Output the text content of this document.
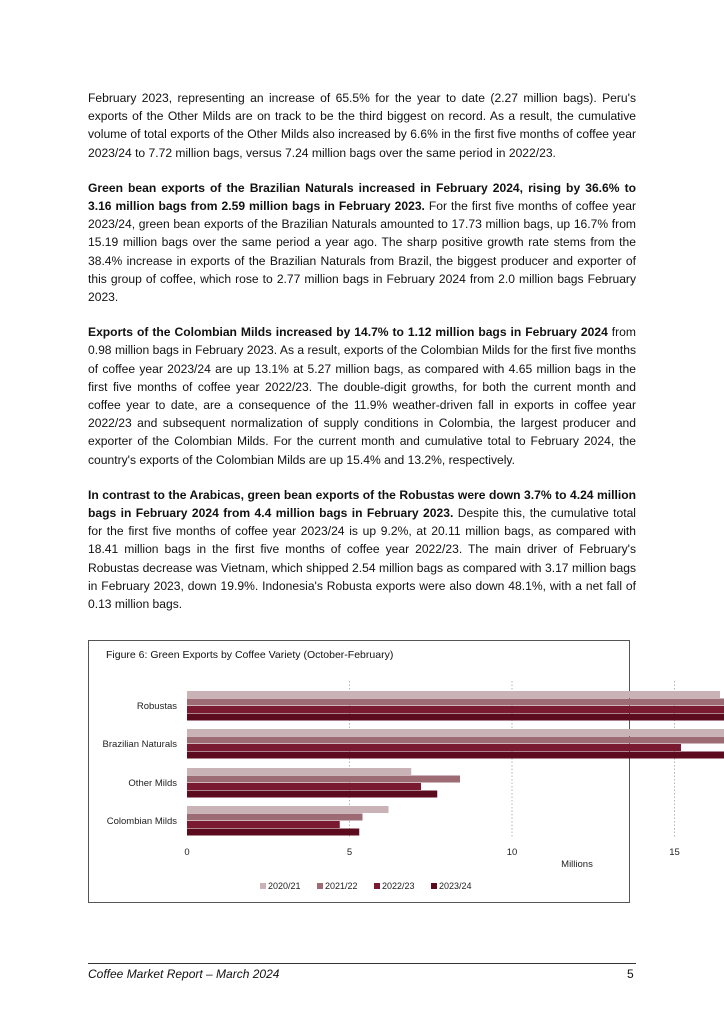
February 2023, representing an increase of 65.5% for the year to date (2.27 million bags). Peru's exports of the Other Milds are on track to be the third biggest on record. As a result, the cumulative volume of total exports of the Other Milds also increased by 6.6% in the first five months of coffee year 2023/24 to 7.72 million bags, versus 7.24 million bags over the same period in 2022/23.

Green bean exports of the Brazilian Naturals increased in February 2024, rising by 36.6% to 3.16 million bags from 2.59 million bags in February 2023. For the first five months of coffee year 2023/24, green bean exports of the Brazilian Naturals amounted to 17.73 million bags, up 16.7% from 15.19 million bags over the same period a year ago. The sharp positive growth rate stems from the 38.4% increase in exports of the Brazilian Naturals from Brazil, the biggest producer and exporter of this group of coffee, which rose to 2.77 million bags in February 2024 from 2.0 million bags February 2023.

Exports of the Colombian Milds increased by 14.7% to 1.12 million bags in February 2024 from 0.98 million bags in February 2023. As a result, exports of the Colombian Milds for the first five months of coffee year 2023/24 are up 13.1% at 5.27 million bags, as compared with 4.65 million bags in the first five months of coffee year 2022/23. The double-digit growths, for both the current month and coffee year to date, are a consequence of the 11.9% weather-driven fall in exports in coffee year 2022/23 and subsequent normalization of supply conditions in Colombia, the largest producer and exporter of the Colombian Milds. For the current month and cumulative total to February 2024, the country's exports of the Colombian Milds are up 15.4% and 13.2%, respectively.

In contrast to the Arabicas, green bean exports of the Robustas were down 3.7% to 4.24 million bags in February 2024 from 4.4 million bags in February 2023. Despite this, the cumulative total for the first five months of coffee year 2023/24 is up 9.2%, at 20.11 million bags, as compared with 18.41 million bags in the first five months of coffee year 2022/23. The main driver of February's Robustas decrease was Vietnam, which shipped 2.54 million bags as compared with 3.17 million bags in February 2023, down 19.9%. Indonesia's Robusta exports were also down 48.1%, with a net fall of 0.13 million bags.

Figure 6: Green Exports by Coffee Variety (October-February)
0	5	10	15
Millions
Robustas
Brazilian Naturals
Other Milds
Colombian Milds
2020/21	2021/22	2022/23	2023/24
Coffee Market Report – March 2024	5
